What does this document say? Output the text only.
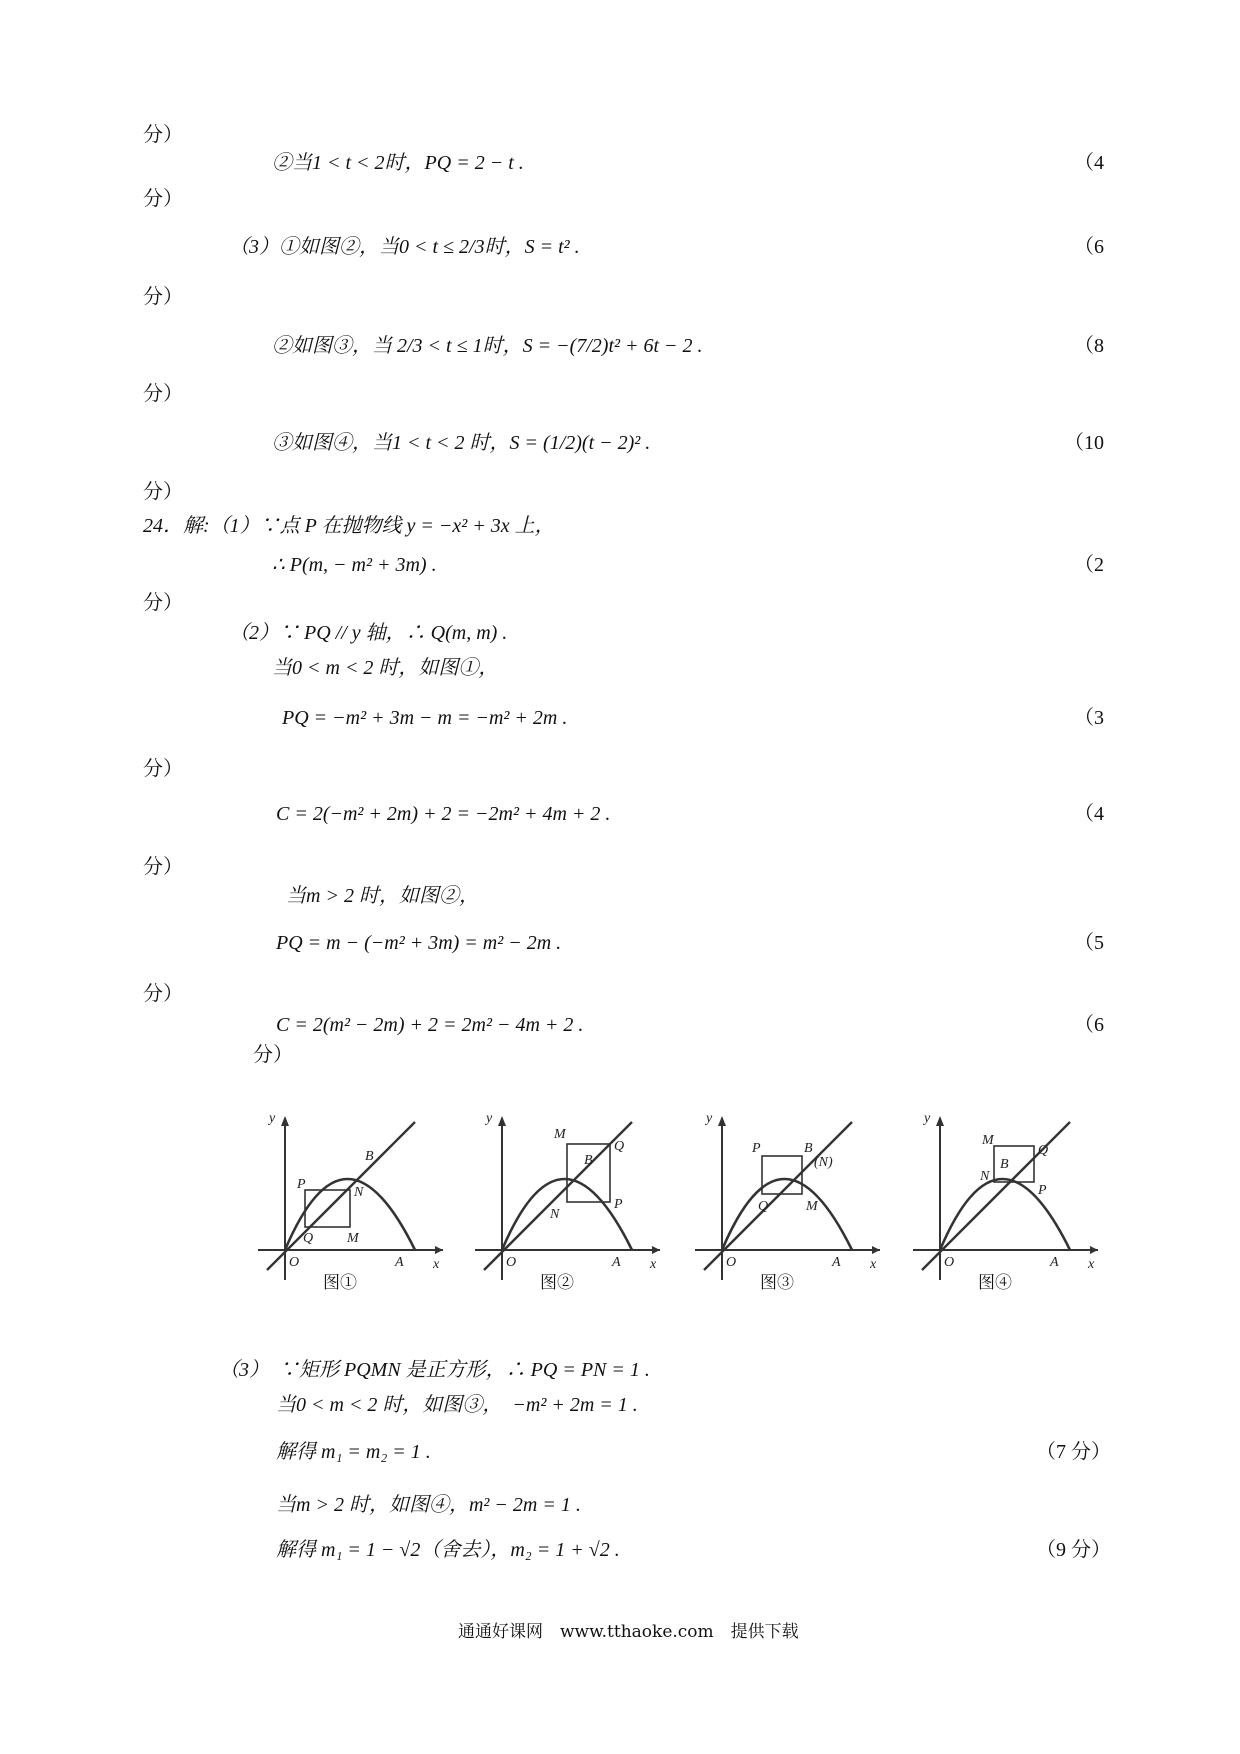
分）
②当1 < t < 2时，PQ = 2 − t .	（4
分）
（3）①如图②，当0 < t ≤ 2/3时，S = t² .	（6
分）
②如图③，当 2/3 < t ≤ 1时，S = −(7/2)t² + 6t − 2 .	（8
分）
③如图④，当1 < t < 2 时，S = (1/2)(t − 2)² .	（10
分）
24．解:（1）∵点 P 在抛物线 y = −x² + 3x 上，
∴ P(m, − m² + 3m) .	（2
分）
（2）∵ PQ // y 轴，∴ Q(m, m) .
当0 < m < 2 时，如图①，
PQ = −m² + 3m − m = −m² + 2m .	（3
分）
C = 2(−m² + 2m) + 2 = −2m² + 4m + 2 .	（4
分）
当m > 2 时，如图②，
PQ = m − (−m² + 3m) = m² − 2m .	（5
分）
C = 2(m² − 2m) + 2 = 2m² − 4m + 2 .	（6
分）
y
x
O	A
B
P
N
Q M
图①
y
x
O	A
B
P
N
Q
M
图②
y
x
O	A
B
P
(N)
Q	M
图③
y
x
O	A
B
P
N
Q
M
图④
（3）　∵矩形 PQMN 是正方形，∴ PQ = PN = 1 .
当0 < m < 2 时，如图③，　−m² + 2m = 1 .
解得 m₁ = m₂ = 1 .	（7 分）
当m > 2 时，如图④，m² − 2m = 1 .
解得 m₁ = 1 − √2（舍去），m₂ = 1 + √2 .	（9 分）
通通好课网　www.tthaoke.com　提供下载
